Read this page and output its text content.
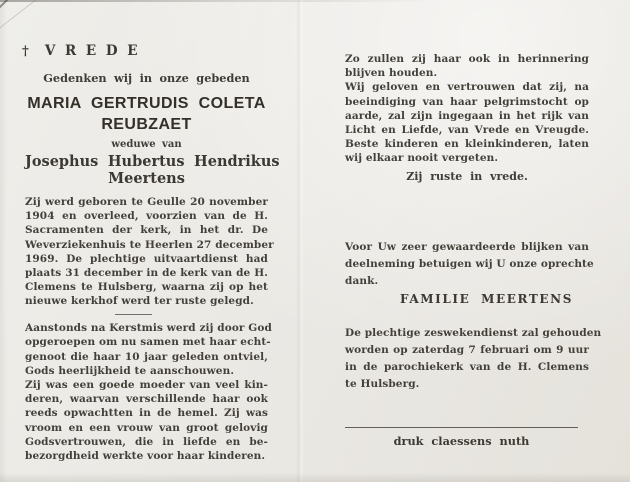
† V R E D E
Gedenken wij in onze gebeden
MARIA GERTRUDIS COLETA
REUBZAET
weduwe van
Josephus Hubertus Hendrikus
Meertens
Zij werd geboren te Geulle 20 november
1904 en overleed, voorzien van de H.
Sacramenten der kerk, in het dr. De
Weverziekenhuis te Heerlen 27 december
1969. De plechtige uitvaartdienst had
plaats 31 december in de kerk van de H.
Clemens te Hulsberg, waarna zij op het
nieuwe kerkhof werd ter ruste gelegd.
Aanstonds na Kerstmis werd zij door God
opgeroepen om nu samen met haar echt-
genoot die haar 10 jaar geleden ontviel,
Gods heerlijkheid te aanschouwen.
Zij was een goede moeder van veel kin-
deren, waarvan verschillende haar ook
reeds opwachtten in de hemel. Zij was
vroom en een vrouw van groot gelovig
Godsvertrouwen, die in liefde en be-
bezorgdheid werkte voor haar kinderen.
Zo zullen zij haar ook in herinnering
blijven houden.
Wij geloven en vertrouwen dat zij, na
beeindiging van haar pelgrimstocht op
aarde, zal zijn ingegaan in het rijk van
Licht en Liefde, van Vrede en Vreugde.
Beste kinderen en kleinkinderen, laten
wij elkaar nooit vergeten.
Zij ruste in vrede.
Voor Uw zeer gewaardeerde blijken van
deelneming betuigen wij U onze oprechte
dank.
FAMILIE MEERTENS
De plechtige zeswekendienst zal gehouden
worden op zaterdag 7 februari om 9 uur
in de parochiekerk van de H. Clemens
te Hulsberg.
druk claessens nuth
